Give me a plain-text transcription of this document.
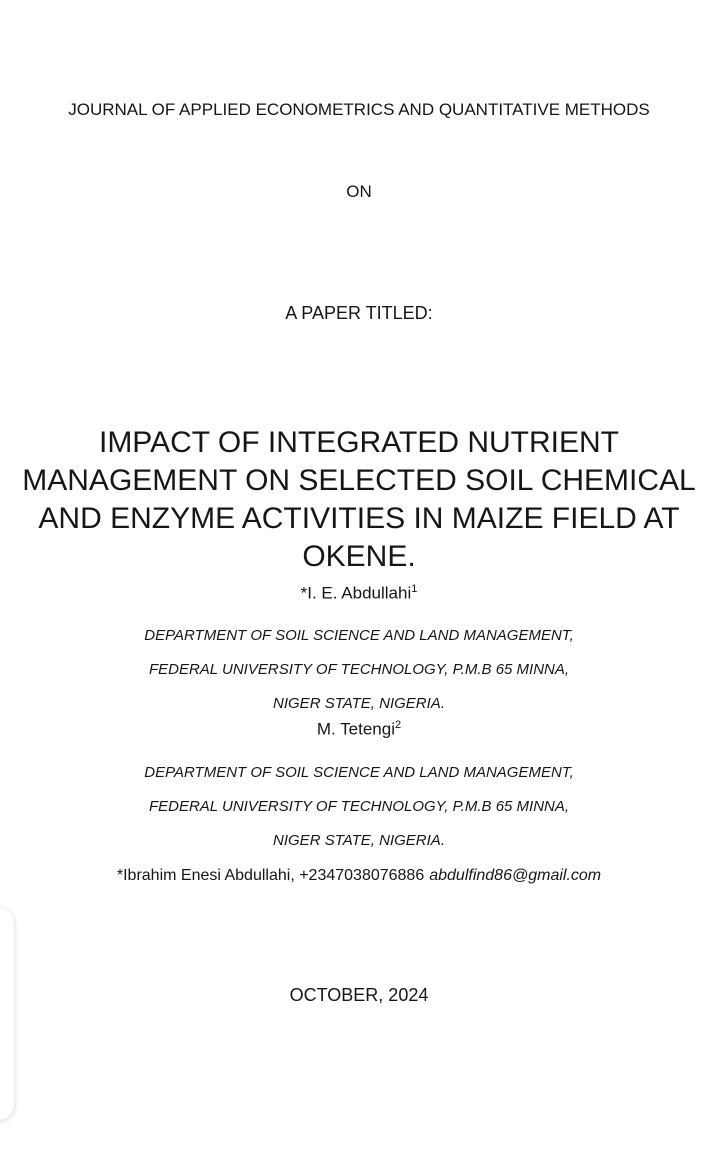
JOURNAL OF APPLIED ECONOMETRICS AND QUANTITATIVE METHODS
ON
A PAPER TITLED:
IMPACT OF INTEGRATED NUTRIENT
MANAGEMENT ON SELECTED SOIL CHEMICAL
AND ENZYME ACTIVITIES IN MAIZE FIELD AT
OKENE.
*I. E. Abdullahi$^1$
DEPARTMENT OF SOIL SCIENCE AND LAND MANAGEMENT,
FEDERAL UNIVERSITY OF TECHNOLOGY, P.M.B 65 MINNA,
NIGER STATE, NIGERIA.
M. Tetengi$^2$
DEPARTMENT OF SOIL SCIENCE AND LAND MANAGEMENT,
FEDERAL UNIVERSITY OF TECHNOLOGY, P.M.B 65 MINNA,
NIGER STATE, NIGERIA.
*Ibrahim Enesi Abdullahi, +2347038076886 abdulfind86@gmail.com
OCTOBER, 2024
